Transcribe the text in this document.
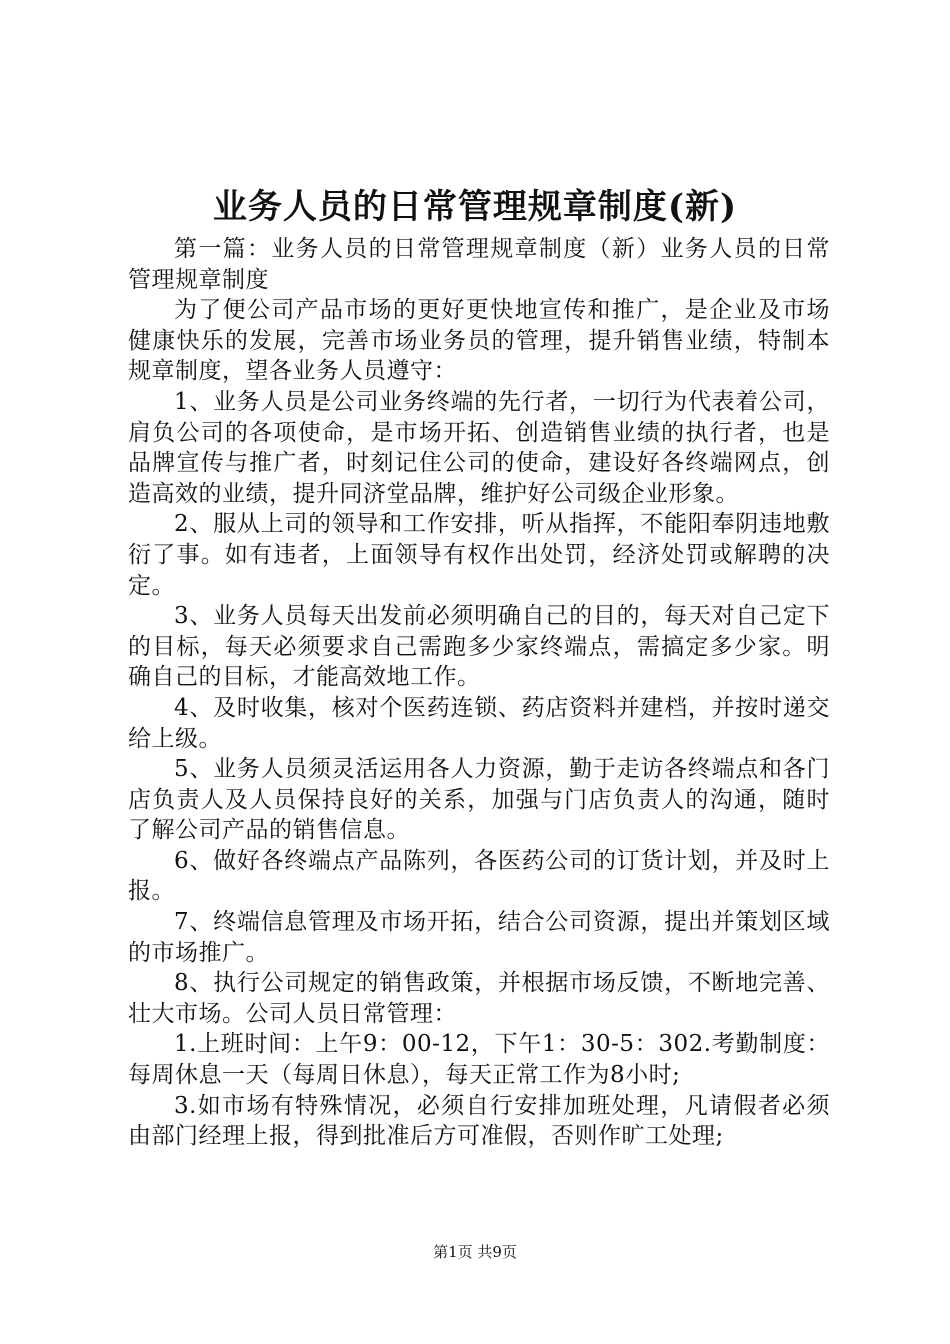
业务人员的日常管理规章制度(新)

第一篇：业务人员的日常管理规章制度（新）业务人员的日常管理规章制度

为了便公司产品市场的更好更快地宣传和推广，是企业及市场健康快乐的发展，完善市场业务员的管理，提升销售业绩，特制本规章制度，望各业务人员遵守：

1、业务人员是公司业务终端的先行者，一切行为代表着公司，肩负公司的各项使命，是市场开拓、创造销售业绩的执行者，也是品牌宣传与推广者，时刻记住公司的使命，建设好各终端网点，创造高效的业绩，提升同济堂品牌，维护好公司级企业形象。

2、服从上司的领导和工作安排，听从指挥，不能阳奉阴违地敷衍了事。如有违者，上面领导有权作出处罚，经济处罚或解聘的决定。

3、业务人员每天出发前必须明确自己的目的，每天对自己定下的目标，每天必须要求自己需跑多少家终端点，需搞定多少家。明确自己的目标，才能高效地工作。

4、及时收集，核对个医药连锁、药店资料并建档，并按时递交给上级。

5、业务人员须灵活运用各人力资源，勤于走访各终端点和各门店负责人及人员保持良好的关系，加强与门店负责人的沟通，随时了解公司产品的销售信息。

6、做好各终端点产品陈列，各医药公司的订货计划，并及时上报。

7、终端信息管理及市场开拓，结合公司资源，提出并策划区域的市场推广。

8、执行公司规定的销售政策，并根据市场反馈，不断地完善、壮大市场。公司人员日常管理：

1.上班时间：上午9：00-12，下午1：30-5：302.考勤制度：每周休息一天（每周日休息），每天正常工作为8小时;

3.如市场有特殊情况，必须自行安排加班处理，凡请假者必须由部门经理上报，得到批准后方可准假，否则作旷工处理;

第1页 共9页
